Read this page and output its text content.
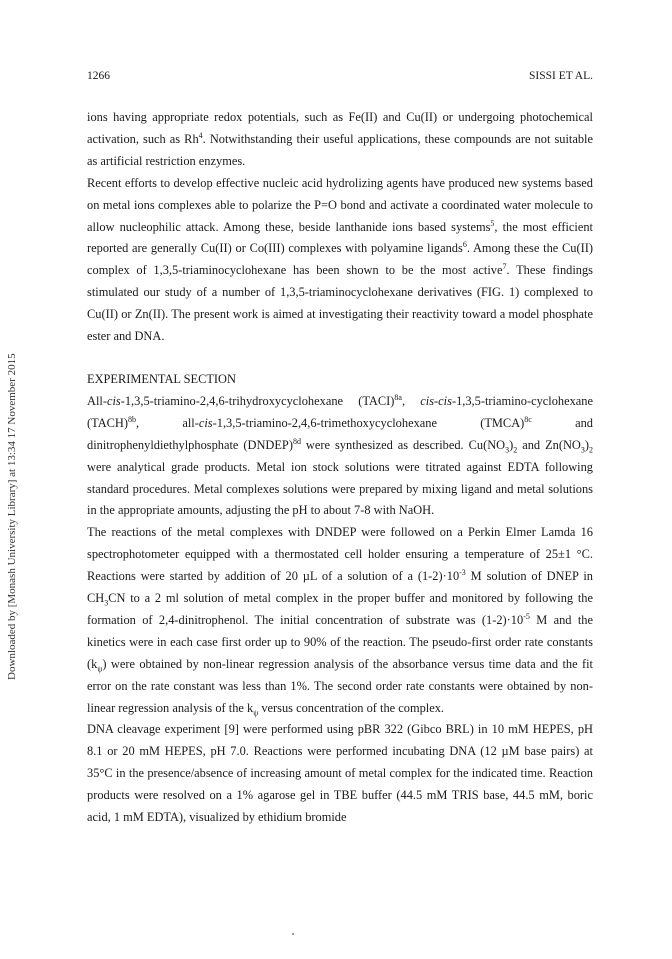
1266	SISSI ET AL.
Downloaded by [Monash University Library] at 13:34 17 November 2015

ions having appropriate redox potentials, such as Fe(II) and Cu(II) or undergoing photochemical activation, such as Rh$^4$. Notwithstanding their useful applications, these compounds are not suitable as artificial restriction enzymes.

Recent efforts to develop effective nucleic acid hydrolizing agents have produced new systems based on metal ions complexes able to polarize the P=O bond and activate a coordinated water molecule to allow nucleophilic attack. Among these, beside lanthanide ions based systems$^5$, the most efficient reported are generally Cu(II) or Co(III) complexes with polyamine ligands$^6$. Among these the Cu(II) complex of 1,3,5-triaminocyclohexane has been shown to be the most active$^7$. These findings stimulated our study of a number of 1,3,5-triaminocyclohexane derivatives (FIG. 1) complexed to Cu(II) or Zn(II). The present work is aimed at investigating their reactivity toward a model phosphate ester and DNA.

EXPERIMENTAL SECTION

All-cis-1,3,5-triamino-2,4,6-trihydroxycyclohexane (TACI)$^{8a}$, cis-cis-1,3,5-triamino-cyclohexane (TACH)$^{8b}$, all-cis-1,3,5-triamino-2,4,6-trimethoxycyclohexane (TMCA)$^{8c}$ and dinitrophenyldiethylphosphate (DNDEP)$^{8d}$ were synthesized as described. $Cu(NO_3)_2$ and $Zn(NO_3)_2$ were analytical grade products. Metal ion stock solutions were titrated against EDTA following standard procedures. Metal complexes solutions were prepared by mixing ligand and metal solutions in the appropriate amounts, adjusting the pH to about 7-8 with NaOH.

The reactions of the metal complexes with DNDEP were followed on a Perkin Elmer Lamda 16 spectrophotometer equipped with a thermostated cell holder ensuring a temperature of 25±1 °C. Reactions were started by addition of 20 µL of a solution of a $(1-2)\cdot 10^{-3}$ M solution of DNEP in $CH_3CN$ to a 2 ml solution of metal complex in the proper buffer and monitored by following the formation of 2,4-dinitrophenol. The initial concentration of substrate was $(1-2)\cdot 10^{-5}$ M and the kinetics were in each case first order up to 90% of the reaction. The pseudo-first order rate constants $(k_\psi)$ were obtained by non-linear regression analysis of the absorbance versus time data and the fit error on the rate constant was less than 1%. The second order rate constants were obtained by non-linear regression analysis of the $k_\psi$ versus concentration of the complex.

DNA cleavage experiment [9] were performed using pBR 322 (Gibco BRL) in 10 mM HEPES, pH 8.1 or 20 mM HEPES, pH 7.0. Reactions were performed incubating DNA (12 µM base pairs) at 35°C in the presence/absence of increasing amount of metal complex for the indicated time. Reaction products were resolved on a 1% agarose gel in TBE buffer (44.5 mM TRIS base, 44.5 mM, boric acid, 1 mM EDTA), visualized by ethidium bromide
